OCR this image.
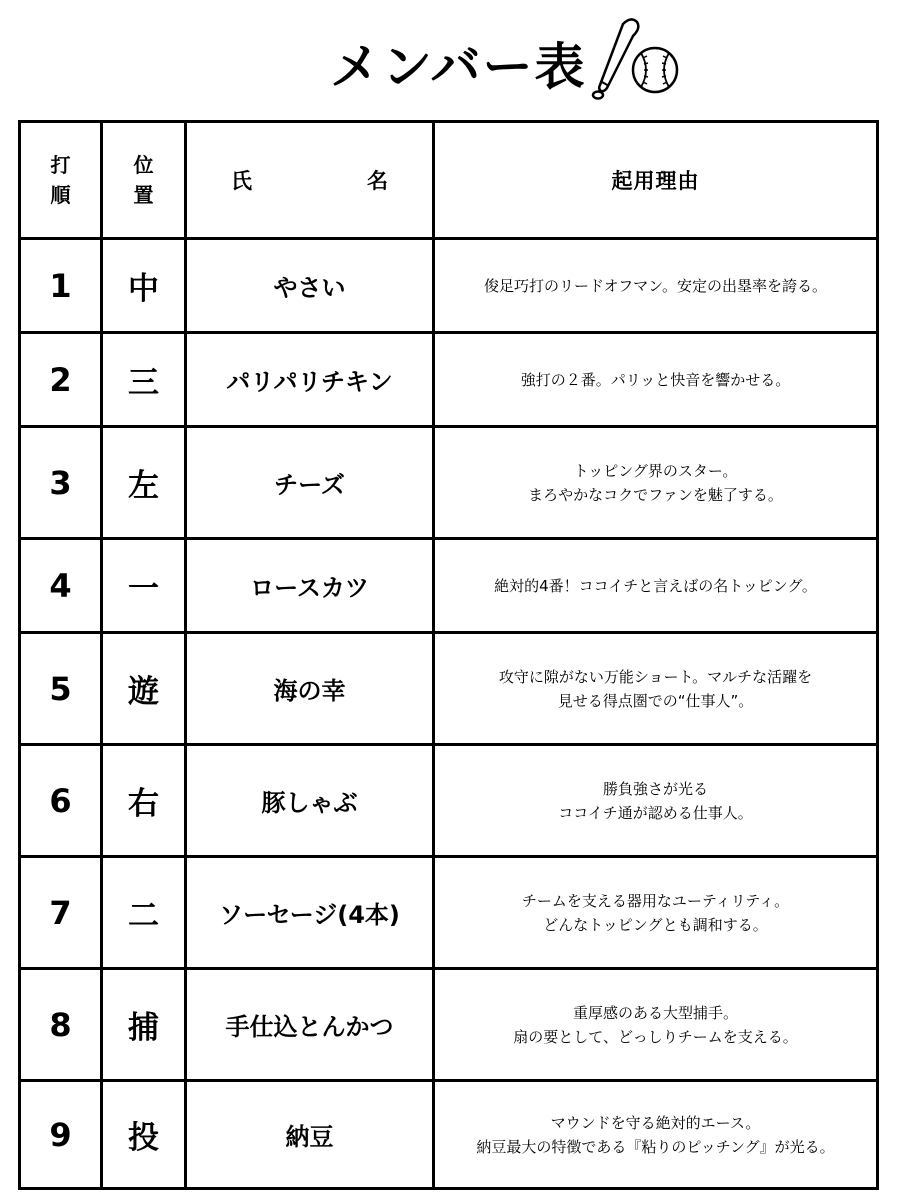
メンバー表
打順	位置	氏 名	起用理由
1	中	やさい	俊足巧打のリードオフマン。安定の出塁率を誇る。

2	三	パリパリチキン	強打の２番。パリッと快音を響かせる。

3	左	チーズ	トッピング界のスター。
まろやかなコクでファンを魅了する。

4	一	ロースカツ	絶対的4番！ココイチと言えばの名トッピング。

5	遊	海の幸	攻守に隙がない万能ショート。マルチな活躍を
見せる得点圏での“仕事人”。

6	右	豚しゃぶ	勝負強さが光る
ココイチ通が認める仕事人。

7	二	ソーセージ(4本)	チームを支える器用なユーティリティ。
どんなトッピングとも調和する。

8	捕	手仕込とんかつ	重厚感のある大型捕手。
扇の要として、どっしりチームを支える。

9	投	納豆	マウンドを守る絶対的エース。
納豆最大の特徴である『粘りのピッチング』が光る。
